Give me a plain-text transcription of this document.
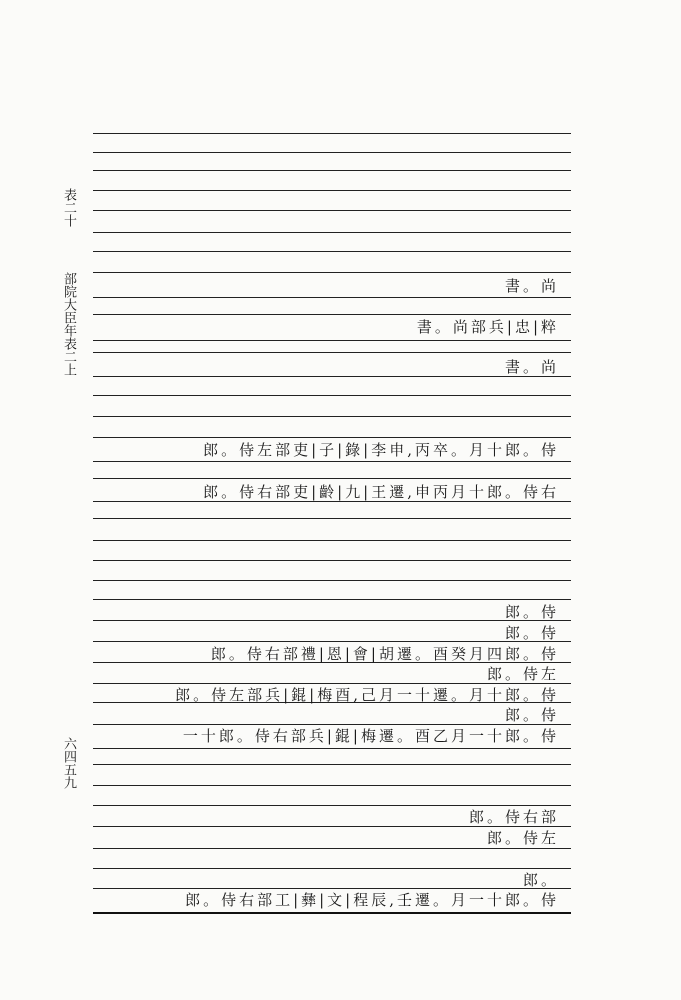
表二十
部院大臣年表二上
六四五九
書。尚
書。尚部兵|忠|粹
書。尚
郎。侍左部吏|子|錄|李申,丙卒。月十郎。侍
郎。侍右部吏|齡|九|王遷,申丙月十郎。侍右
郎。侍
郎。侍
郎。侍右部禮|恩|會|胡遷。酉癸月四郎。侍
郎。侍左
郎。侍左部兵|錕|梅酉,己月一十遷。月十郎。侍
郎。侍
一十郎。侍右部兵|錕|梅遷。酉乙月一十郎。侍
郎。侍右部
郎。侍左
郎。
郎。侍右部工|彝|文|程辰,壬遷。月一十郎。侍
